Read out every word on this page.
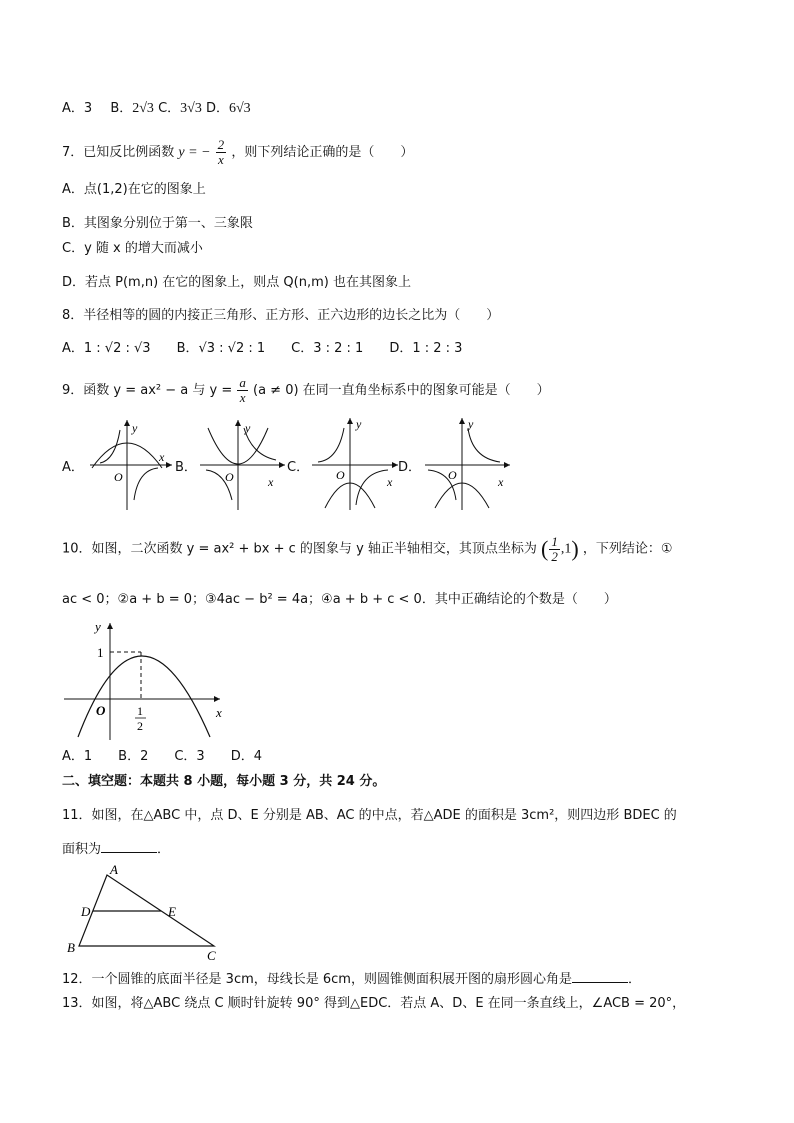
A．3 B．2√3 C．3√3 D．6√3
7．已知反比例函数 y = − $\frac{2}{x}$ ，则下列结论正确的是（　　）
A．点(1,2)在它的图象上
B．其图象分别位于第一、三象限
C．y 随 x 的增大而减小
D．若点 P(m,n) 在它的图象上，则点 Q(n,m) 也在其图象上
8．半径相等的圆的内接正三角形、正方形、正六边形的边长之比为（　　）
A．1 : √2 : √3　　B．√3 : √2 : 1　　C．3 : 2 : 1　　D．1 : 2 : 3
9．函数 y = ax² − a 与 $y = \frac{a}{x} (a \ne 0)$ 在同一直角坐标系中的图象可能是（　　）
A．	B．	C．	D．
y
x
O
y
x
O
y
x
O
y
x
O
10．如图，二次函数 y = ax² + bx + c 的图象与 y 轴正半轴相交，其顶点坐标为 ( $\frac{1}{2} ,1$) ，下列结论：①
ac < 0；②a + b = 0；③4ac − b² = 4a；④a + b + c < 0．其中正确结论的个数是（　　）
y
x
1
O	1
2
A．1　　B．2　　C．3　　D．4
二、填空题：本题共 8 小题，每小题 3 分，共 24 分。
11．如图，在△ABC 中，点 D、E 分别是 AB、AC 的中点，若△ADE 的面积是 3cm²，则四边形 BDEC 的
面积为	．
A
B
C
D	E
12．一个圆锥的底面半径是 3cm，母线长是 6cm，则圆锥侧面积展开图的扇形圆心角是	．
13．如图，将△ABC 绕点 C 顺时针旋转 90° 得到△EDC．若点 A、D、E 在同一条直线上，∠ACB = 20°，
